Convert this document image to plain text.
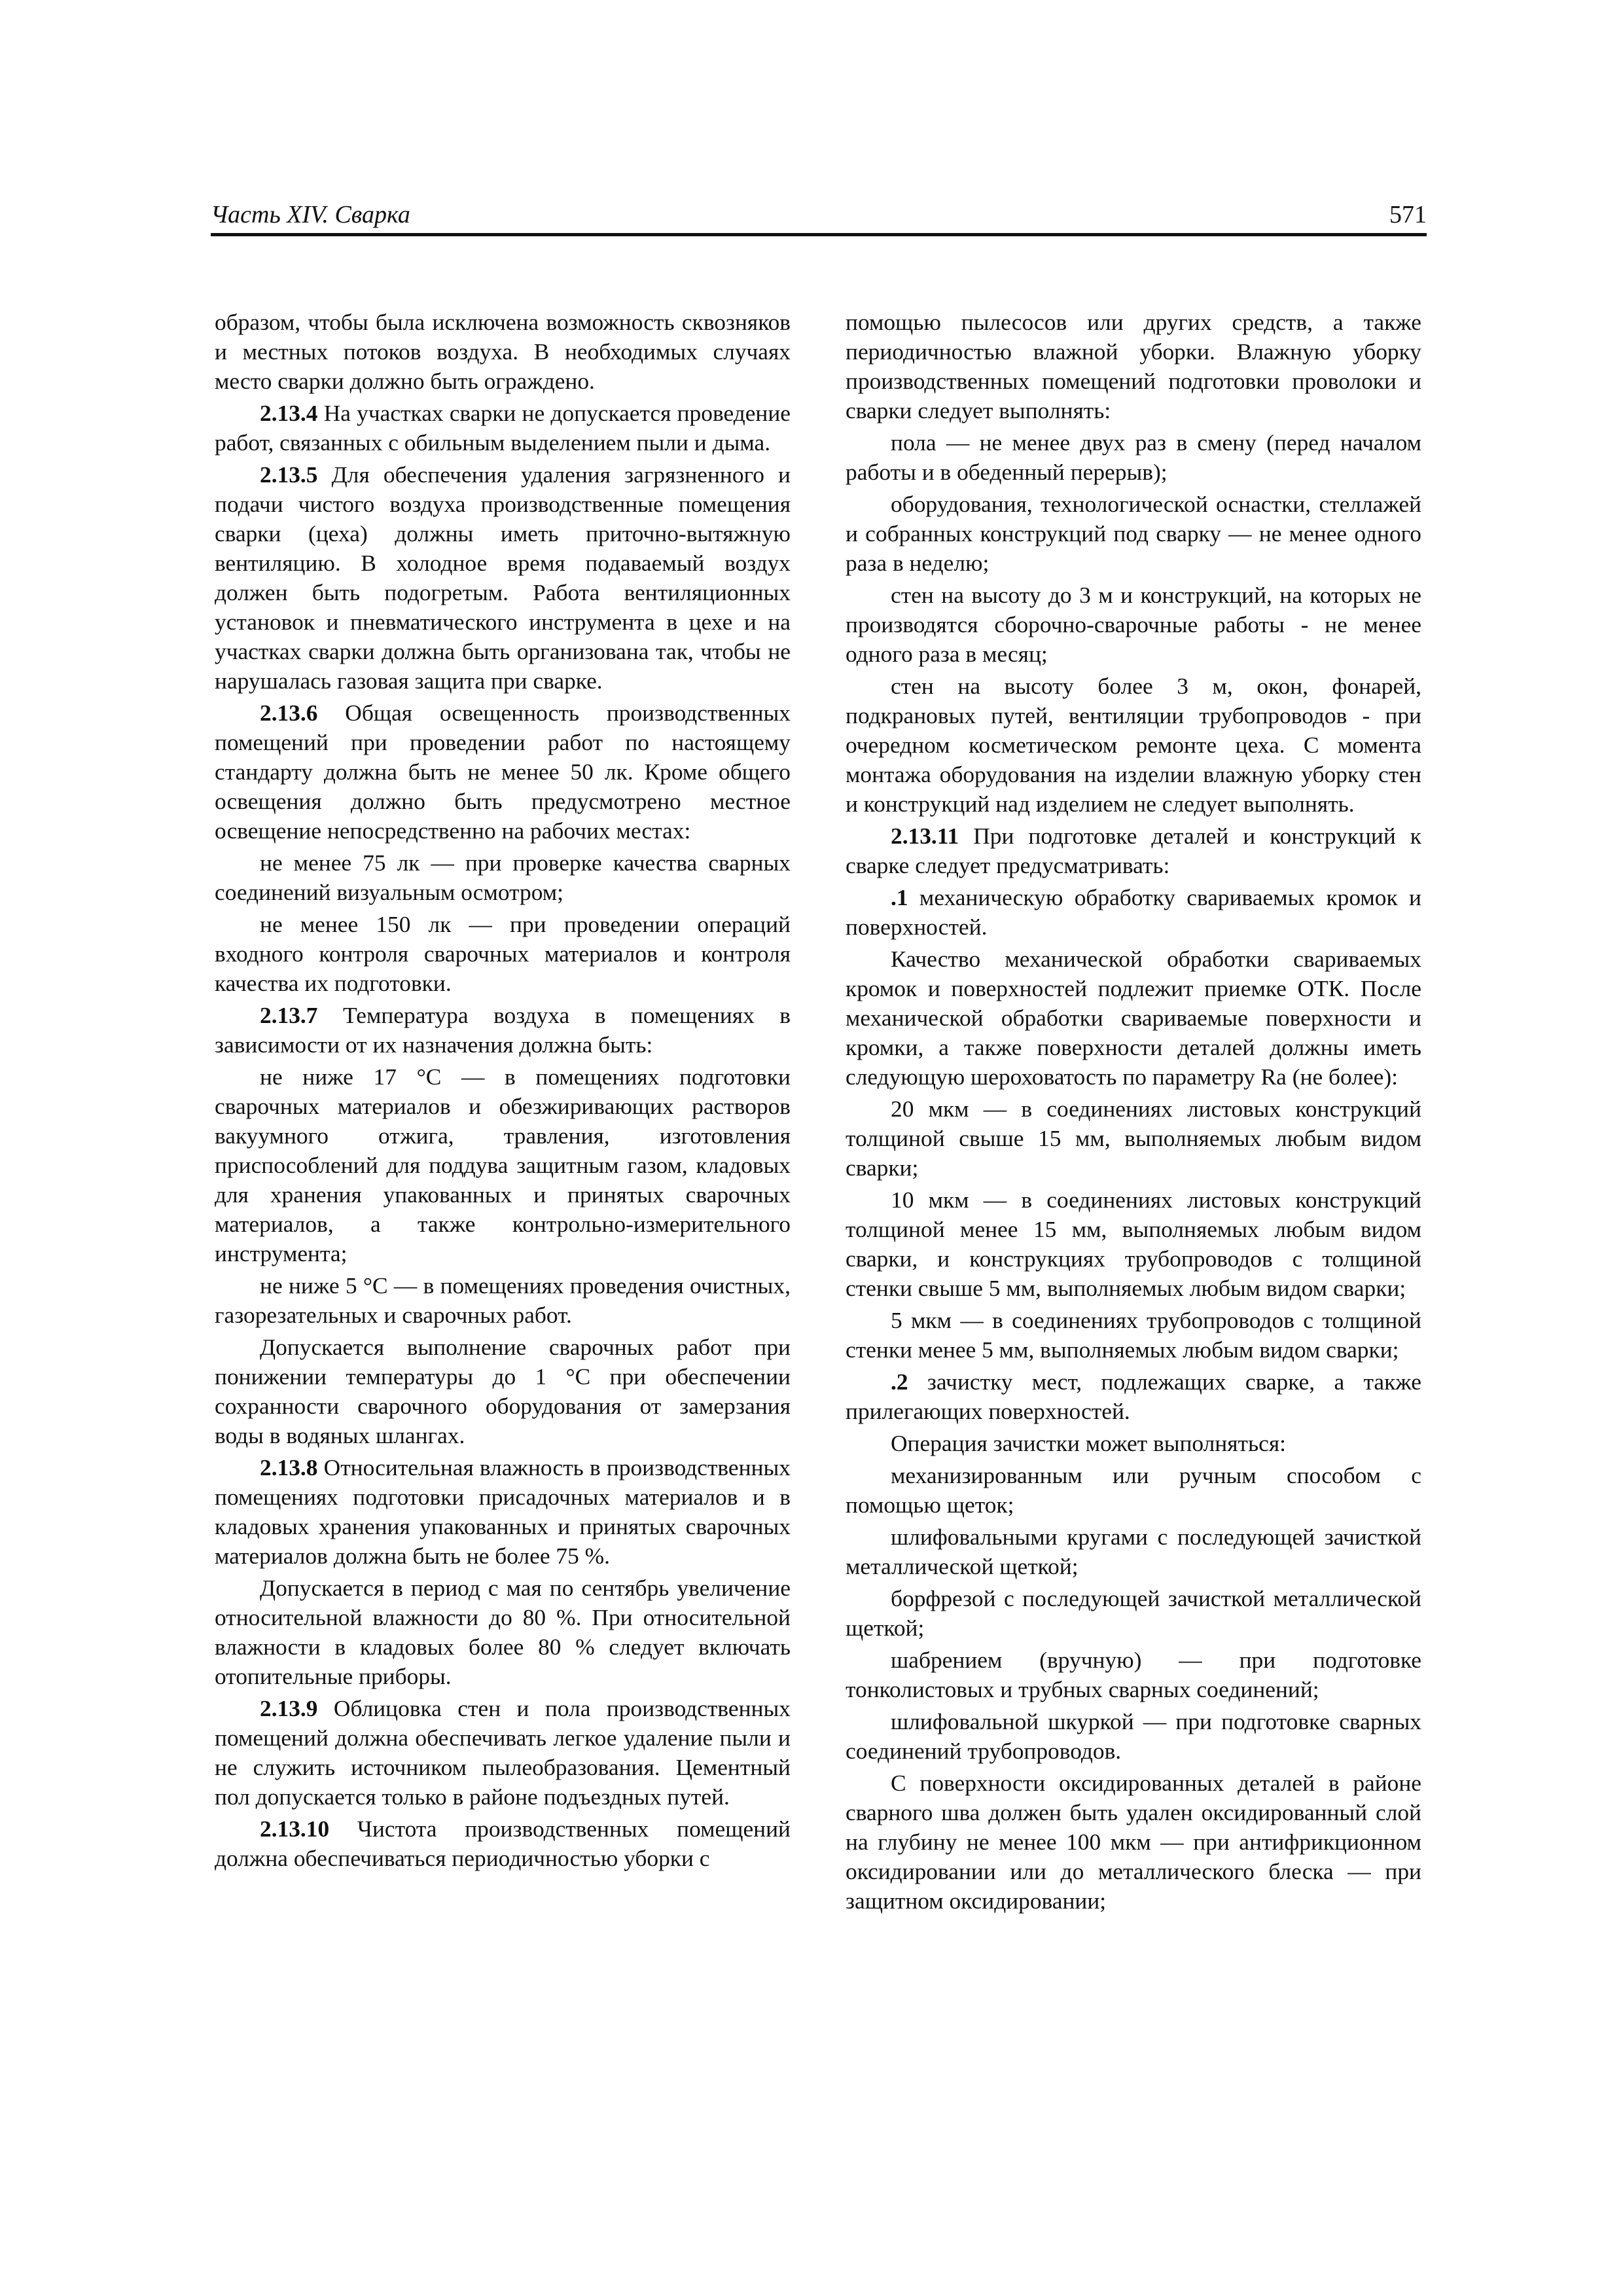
Часть XIV. Сварка	571

образом, чтобы была исключена возможность сквозняков и местных потоков воздуха. В необходимых случаях место сварки должно быть ограждено.

2.13.4 На участках сварки не допускается проведение работ, связанных с обильным выделением пыли и дыма.

2.13.5 Для обеспечения удаления загрязненного и подачи чистого воздуха производственные помещения сварки (цеха) должны иметь приточно-вытяжную вентиляцию. В холодное время подаваемый воздух должен быть подогретым. Работа вентиляционных установок и пневматического инструмента в цехе и на участках сварки должна быть организована так, чтобы не нарушалась газовая защита при сварке.

2.13.6 Общая освещенность производственных помещений при проведении работ по настоящему стандарту должна быть не менее 50 лк. Кроме общего освещения должно быть предусмотрено местное освещение непосредственно на рабочих местах:

не менее 75 лк — при проверке качества сварных соединений визуальным осмотром;

не менее 150 лк — при проведении операций входного контроля сварочных материалов и контроля качества их подготовки.

2.13.7 Температура воздуха в помещениях в зависимости от их назначения должна быть:

не ниже 17 °С — в помещениях подготовки сварочных материалов и обезжиривающих растворов вакуумного отжига, травления, изготовления приспособлений для поддува защитным газом, кладовых для хранения упакованных и принятых сварочных материалов, а также контрольно-измерительного инструмента;

не ниже 5 °С — в помещениях проведения очистных, газорезательных и сварочных работ.

Допускается выполнение сварочных работ при понижении температуры до 1 °С при обеспечении сохранности сварочного оборудования от замерзания воды в водяных шлангах.

2.13.8 Относительная влажность в производственных помещениях подготовки присадочных материалов и в кладовых хранения упакованных и принятых сварочных материалов должна быть не более 75 %.

Допускается в период с мая по сентябрь увеличение относительной влажности до 80 %. При относительной влажности в кладовых более 80 % следует включать отопительные приборы.

2.13.9 Облицовка стен и пола производственных помещений должна обеспечивать легкое удаление пыли и не служить источником пылеобразования. Цементный пол допускается только в районе подъездных путей.

2.13.10 Чистота производственных помещений должна обеспечиваться периодичностью уборки с

помощью пылесосов или других средств, а также периодичностью влажной уборки. Влажную уборку производственных помещений подготовки проволоки и сварки следует выполнять:

пола — не менее двух раз в смену (перед началом работы и в обеденный перерыв);

оборудования, технологической оснастки, стеллажей и собранных конструкций под сварку — не менее одного раза в неделю;

стен на высоту до 3 м и конструкций, на которых не производятся сборочно-сварочные работы - не менее одного раза в месяц;

стен на высоту более 3 м, окон, фонарей, подкрановых путей, вентиляции трубопроводов - при очередном косметическом ремонте цеха. С момента монтажа оборудования на изделии влажную уборку стен и конструкций над изделием не следует выполнять.

2.13.11 При подготовке деталей и конструкций к сварке следует предусматривать:

.1 механическую обработку свариваемых кромок и поверхностей.

Качество механической обработки свариваемых кромок и поверхностей подлежит приемке ОТК. После механической обработки свариваемые поверхности и кромки, а также поверхности деталей должны иметь следующую шероховатость по параметру Ra (не более):

20 мкм — в соединениях листовых конструкций толщиной свыше 15 мм, выполняемых любым видом сварки;

10 мкм — в соединениях листовых конструкций толщиной менее 15 мм, выполняемых любым видом сварки, и конструкциях трубопроводов с толщиной стенки свыше 5 мм, выполняемых любым видом сварки;

5 мкм — в соединениях трубопроводов с толщиной стенки менее 5 мм, выполняемых любым видом сварки;

.2 зачистку мест, подлежащих сварке, а также прилегающих поверхностей.

Операция зачистки может выполняться:

механизированным или ручным способом с помощью щеток;

шлифовальными кругами с последующей зачисткой металлической щеткой;

борфрезой с последующей зачисткой металлической щеткой;

шабрением (вручную) — при подготовке тонколистовых и трубных сварных соединений;

шлифовальной шкуркой — при подготовке сварных соединений трубопроводов.

С поверхности оксидированных деталей в районе сварного шва должен быть удален оксидированный слой на глубину не менее 100 мкм — при антифрикционном оксидировании или до металлического блеска — при защитном оксидировании;
